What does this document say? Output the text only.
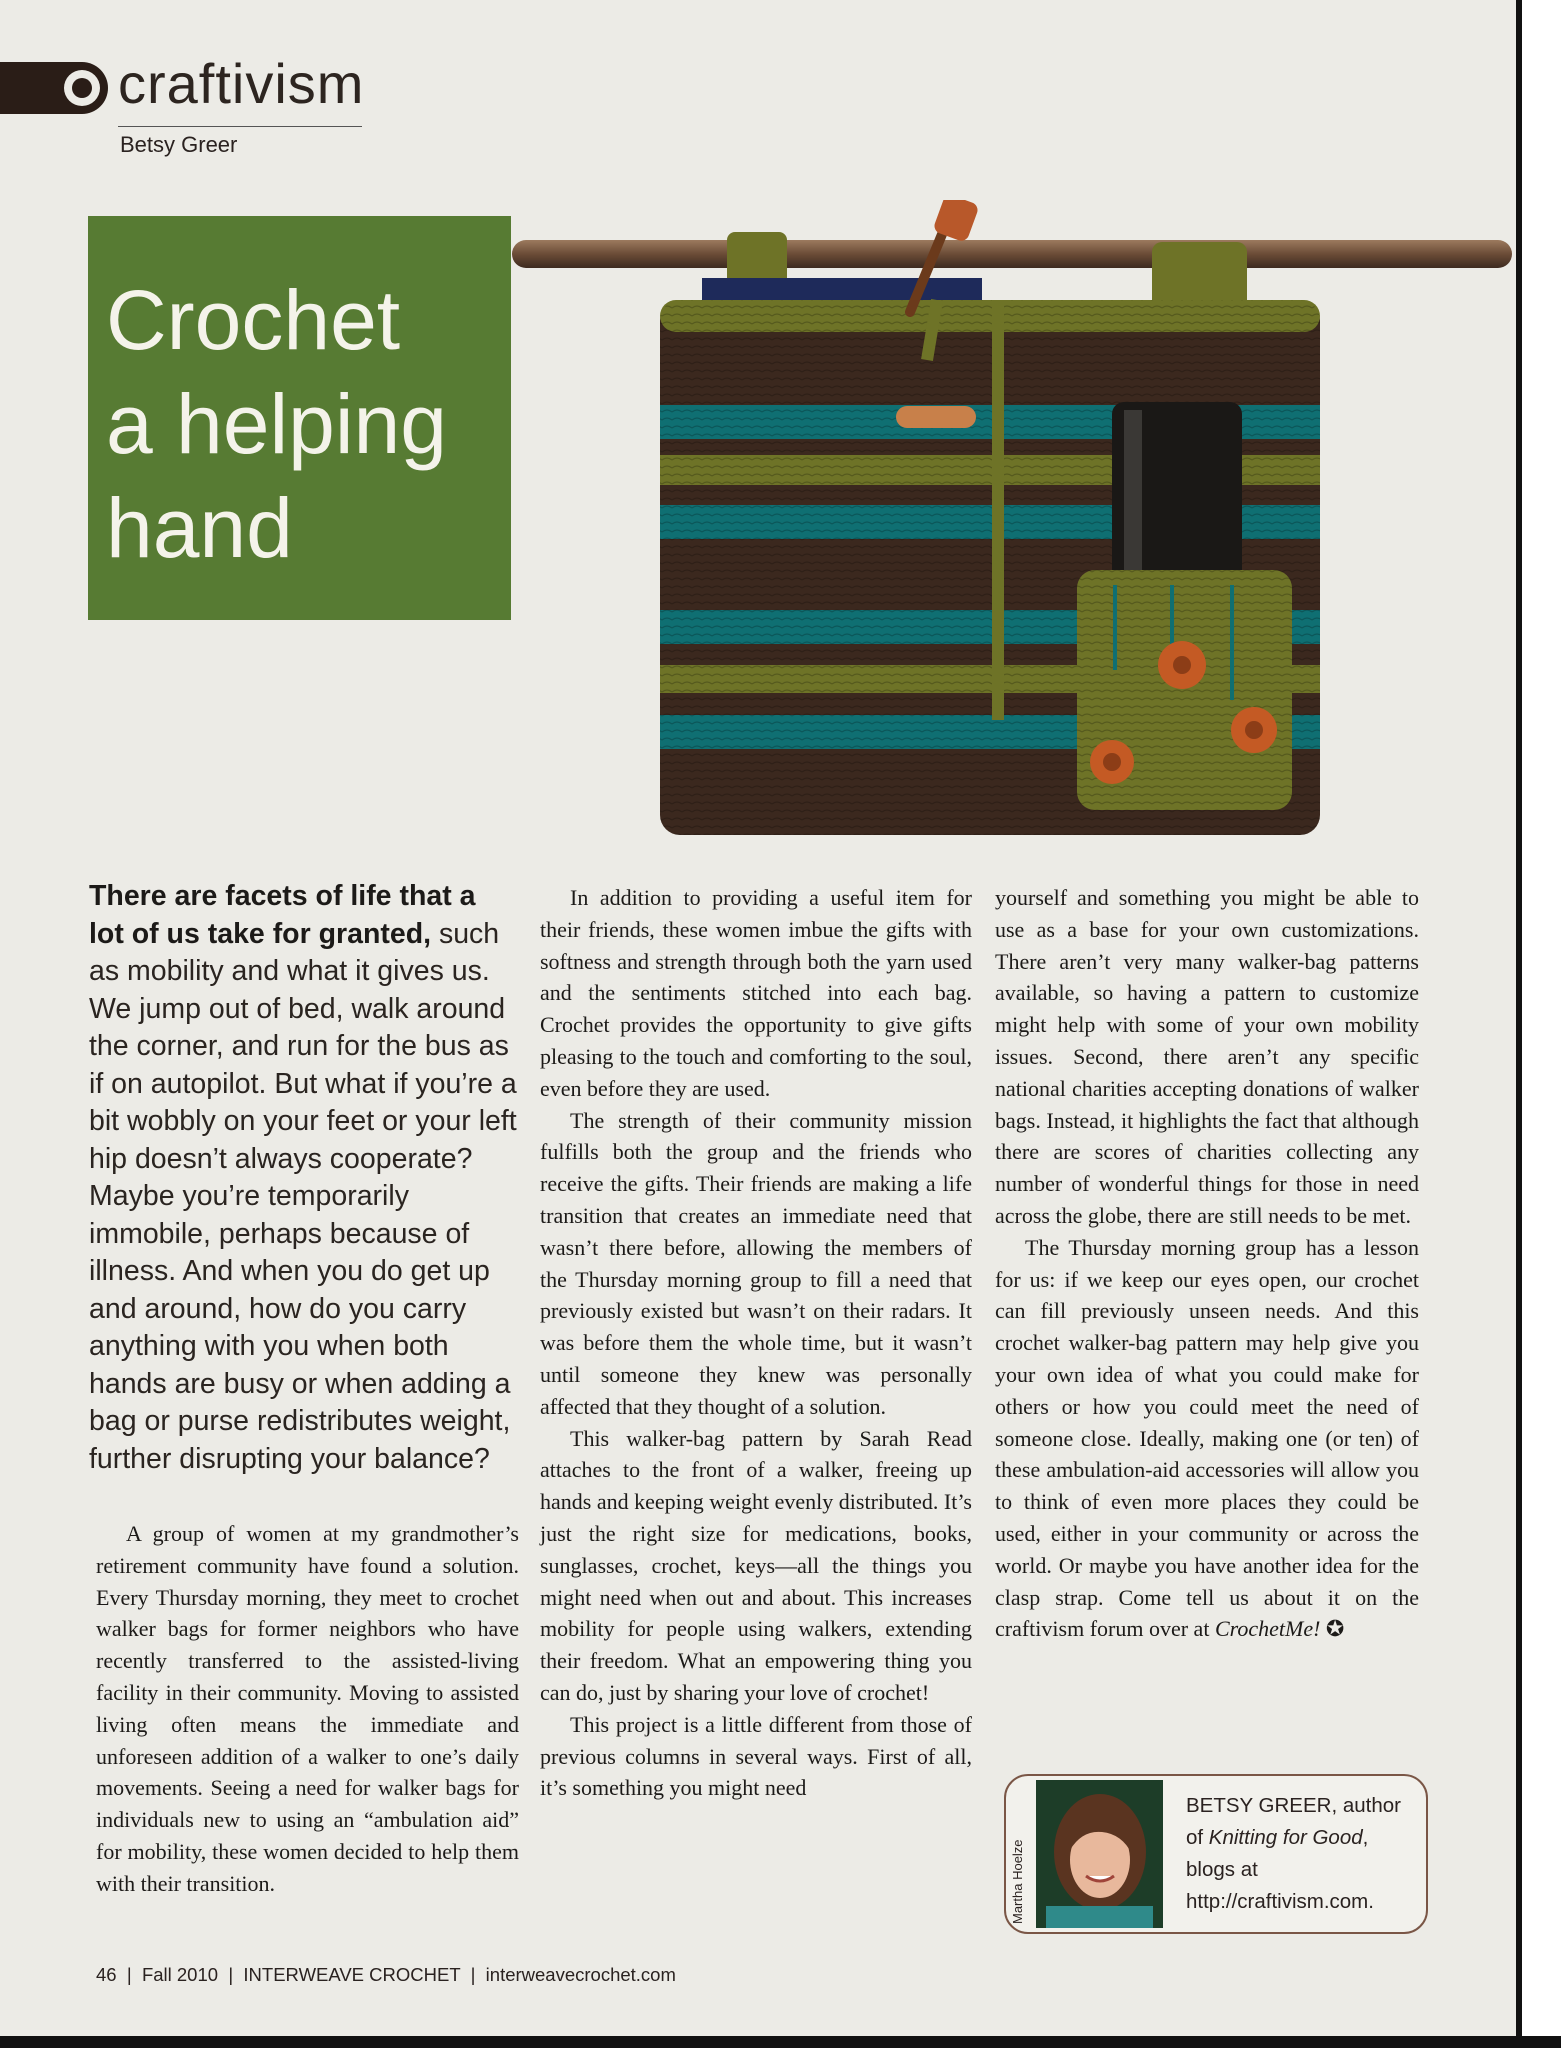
craftivism
Betsy Greer
Crochet
a helping
hand
There are facets of life that a lot of us take for granted, such as mobility and what it gives us. We jump out of bed, walk around the corner, and run for the bus as if on autopilot. But what if you’re a bit wobbly on your feet or your left hip doesn’t always cooperate? Maybe you’re temporarily immobile, perhaps because of illness. And when you do get up and around, how do you carry anything with you when both hands are busy or when adding a bag or purse redistributes weight, further disrupting your balance?

A group of women at my grandmother’s retirement community have found a solution. Every Thursday morning, they meet to crochet walker bags for former neighbors who have recently transferred to the assisted-living facility in their community. Moving to assisted living often means the immediate and unforeseen addition of a walker to one’s daily movements. Seeing a need for walker bags for individuals new to using an “ambulation aid” for mobility, these women decided to help them with their transition.

In addition to providing a useful item for their friends, these women imbue the gifts with softness and strength through both the yarn used and the sentiments stitched into each bag. Crochet provides the opportunity to give gifts pleasing to the touch and comforting to the soul, even before they are used.

The strength of their community mission fulfills both the group and the friends who receive the gifts. Their friends are making a life transition that creates an immediate need that wasn’t there before, allowing the members of the Thursday morning group to fill a need that previously existed but wasn’t on their radars. It was before them the whole time, but it wasn’t until someone they knew was personally affected that they thought of a solution.

This walker-bag pattern by Sarah Read attaches to the front of a walker, freeing up hands and keeping weight evenly distributed. It’s just the right size for medications, books, sunglasses, crochet, keys—all the things you might need when out and about. This increases mobility for people using walkers, extending their freedom. What an empowering thing you can do, just by sharing your love of crochet!

This project is a little different from those of previous columns in several ways. First of all, it’s something you might need

yourself and something you might be able to use as a base for your own customizations. There aren’t very many walker-bag patterns available, so having a pattern to customize might help with some of your own mobility issues. Second, there aren’t any specific national charities accepting donations of walker bags. Instead, it highlights the fact that although there are scores of charities collecting any number of wonderful things for those in need across the globe, there are still needs to be met.

The Thursday morning group has a lesson for us: if we keep our eyes open, our crochet can fill previously unseen needs. And this crochet walker-bag pattern may help give you your own idea of what you could make for others or how you could meet the need of someone close. Ideally, making one (or ten) of these ambulation-aid accessories will allow you to think of even more places they could be used, either in your community or across the world. Or maybe you have another idea for the clasp strap. Come tell us about it on the craftivism forum over at CrochetMe! ✪

Martha Hoelze
BETSY GREER, author of Knitting for Good, blogs at http://craftivism.com.
46  |  Fall 2010  |  INTERWEAVE CROCHET  |  interweavecrochet.com
